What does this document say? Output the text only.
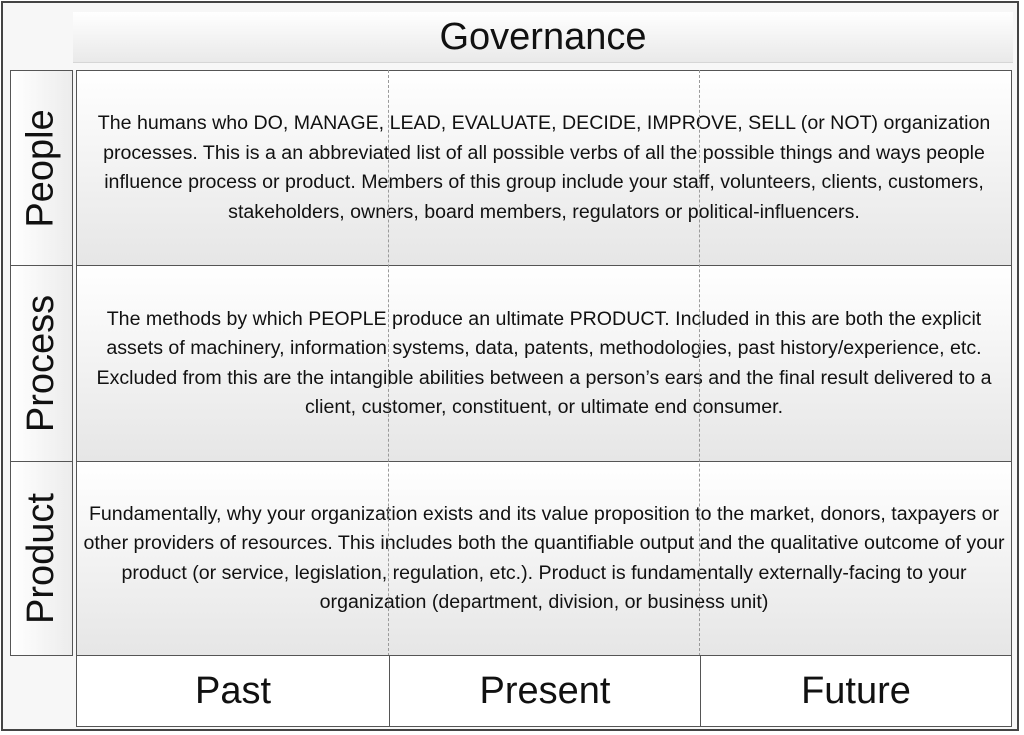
Governance
People
Process
Product

The humans who DO, MANAGE, LEAD, EVALUATE, DECIDE, IMPROVE, SELL (or NOT) organization processes. This is a an abbreviated list of all possible verbs of all the possible things and ways people influence process or product. Members of this group include your staff, volunteers, clients, customers, stakeholders, owners, board members, regulators or political-influencers.

The methods by which PEOPLE produce an ultimate PRODUCT. Included in this are both the explicit assets of machinery, information systems, data, patents, methodologies, past history/experience, etc. Excluded from this are the intangible abilities between a person’s ears and the final result delivered to a client, customer, constituent, or ultimate end consumer.

Fundamentally, why your organization exists and its value proposition to the market, donors, taxpayers or other providers of resources. This includes both the quantifiable output and the qualitative outcome of your product (or service, legislation, regulation, etc.). Product is fundamentally externally-facing to your organization (department, division, or business unit)

Past	Present	Future
